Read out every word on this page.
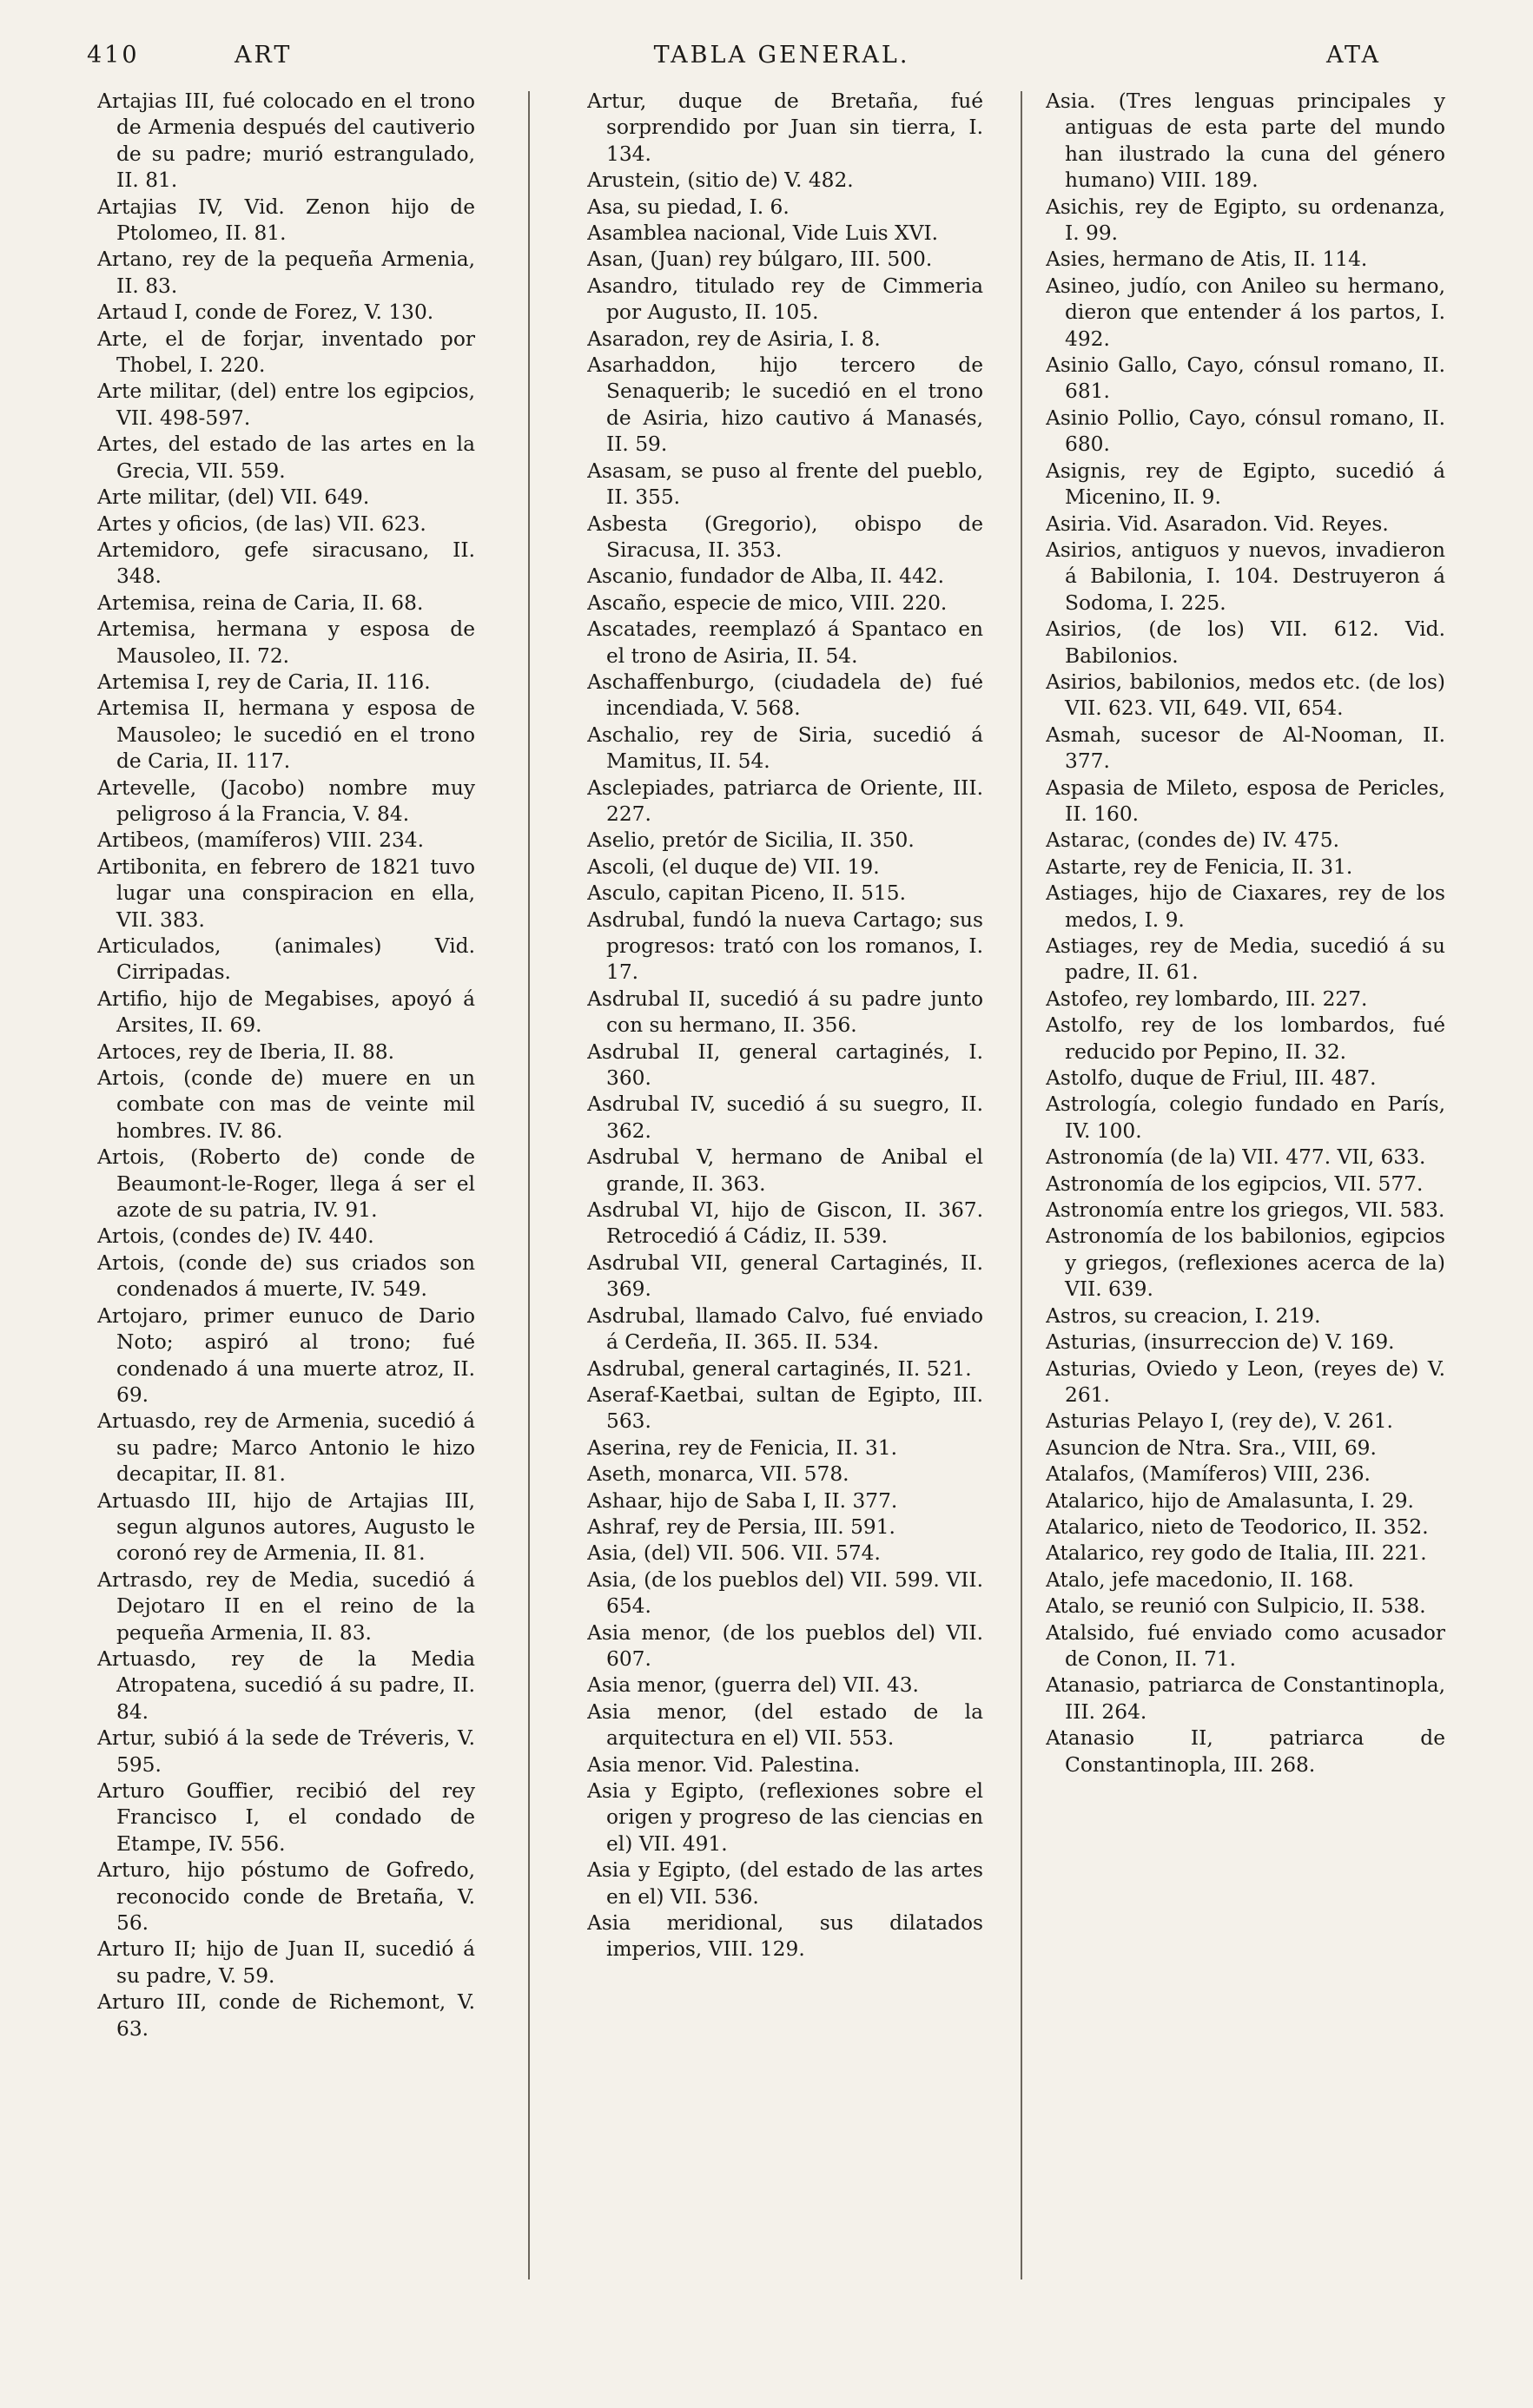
TABLA GENERAL.
410	ART	ATA

Artajias III, fué colocado en el trono de Armenia después del cautiverio de su padre; murió estrangulado, II. 81.

Artajias IV, Vid. Zenon hijo de Ptolomeo, II. 81.

Artano, rey de la pequeña Armenia, II. 83.

Artaud I, conde de Forez, V. 130.

Arte, el de forjar, inventado por Thobel, I. 220.

Arte militar, (del) entre los egipcios, VII. 498-597.

Artes, del estado de las artes en la Grecia, VII. 559.

Arte militar, (del) VII. 649.

Artes y oficios, (de las) VII. 623.

Artemidoro, gefe siracusano, II. 348.

Artemisa, reina de Caria, II. 68.

Artemisa, hermana y esposa de Mausoleo, II. 72.

Artemisa I, rey de Caria, II. 116.

Artemisa II, hermana y esposa de Mausoleo; le sucedió en el trono de Caria, II. 117.

Artevelle, (Jacobo) nombre muy peligroso á la Francia, V. 84.

Artibeos, (mamíferos) VIII. 234.

Artibonita, en febrero de 1821 tuvo lugar una conspiracion en ella, VII. 383.

Articulados, (animales) Vid. Cirripadas.

Artifio, hijo de Megabises, apoyó á Arsites, II. 69.

Artoces, rey de Iberia, II. 88.

Artois, (conde de) muere en un combate con mas de veinte mil hombres. IV. 86.

Artois, (Roberto de) conde de Beaumont-le-Roger, llega á ser el azote de su patria, IV. 91.

Artois, (condes de) IV. 440.

Artois, (conde de) sus criados son condenados á muerte, IV. 549.

Artojaro, primer eunuco de Dario Noto; aspiró al trono; fué condenado á una muerte atroz, II. 69.

Artuasdo, rey de Armenia, sucedió á su padre; Marco Antonio le hizo decapitar, II. 81.

Artuasdo III, hijo de Artajias III, segun algunos autores, Augusto le coronó rey de Armenia, II. 81.

Artrasdo, rey de Media, sucedió á Dejotaro II en el reino de la pequeña Armenia, II. 83.

Artuasdo, rey de la Media Atropatena, sucedió á su padre, II. 84.

Artur, subió á la sede de Tréveris, V. 595.

Arturo Gouffier, recibió del rey Francisco I, el condado de Etampe, IV. 556.

Arturo, hijo póstumo de Gofredo, reconocido conde de Bretaña, V. 56.

Arturo II; hijo de Juan II, sucedió á su padre, V. 59.

Arturo III, conde de Richemont, V. 63.

Artur, duque de Bretaña, fué sorprendido por Juan sin tierra, I. 134.

Arustein, (sitio de) V. 482.

Asa, su piedad, I. 6.

Asamblea nacional, Vide Luis XVI.

Asan, (Juan) rey búlgaro, III. 500.

Asandro, titulado rey de Cimmeria por Augusto, II. 105.

Asaradon, rey de Asiria, I. 8.

Asarhaddon, hijo tercero de Senaquerib; le sucedió en el trono de Asiria, hizo cautivo á Manasés, II. 59.

Asasam, se puso al frente del pueblo, II. 355.

Asbesta (Gregorio), obispo de Siracusa, II. 353.

Ascanio, fundador de Alba, II. 442.

Ascaño, especie de mico, VIII. 220.

Ascatades, reemplazó á Spantaco en el trono de Asiria, II. 54.

Aschaffenburgo, (ciudadela de) fué incendiada, V. 568.

Aschalio, rey de Siria, sucedió á Mamitus, II. 54.

Asclepiades, patriarca de Oriente, III. 227.

Aselio, pretór de Sicilia, II. 350.

Ascoli, (el duque de) VII. 19.

Asculo, capitan Piceno, II. 515.

Asdrubal, fundó la nueva Cartago; sus progresos: trató con los romanos, I. 17.

Asdrubal II, sucedió á su padre junto con su hermano, II. 356.

Asdrubal II, general cartaginés, I. 360.

Asdrubal IV, sucedió á su suegro, II. 362.

Asdrubal V, hermano de Anibal el grande, II. 363.

Asdrubal VI, hijo de Giscon, II. 367. Retrocedió á Cádiz, II. 539.

Asdrubal VII, general Cartaginés, II. 369.

Asdrubal, llamado Calvo, fué enviado á Cerdeña, II. 365. II. 534.

Asdrubal, general cartaginés, II. 521.

Aseraf-Kaetbai, sultan de Egipto, III. 563.

Aserina, rey de Fenicia, II. 31.

Aseth, monarca, VII. 578.

Ashaar, hijo de Saba I, II. 377.

Ashraf, rey de Persia, III. 591.

Asia, (del) VII. 506. VII. 574.

Asia, (de los pueblos del) VII. 599. VII. 654.

Asia menor, (de los pueblos del) VII. 607.

Asia menor, (guerra del) VII. 43.

Asia menor, (del estado de la arquitectura en el) VII. 553.

Asia menor. Vid. Palestina.

Asia y Egipto, (reflexiones sobre el origen y progreso de las ciencias en el) VII. 491.

Asia y Egipto, (del estado de las artes en el) VII. 536.

Asia meridional, sus dilatados imperios, VIII. 129.

Asia. (Tres lenguas principales y antiguas de esta parte del mundo han ilustrado la cuna del género humano) VIII. 189.

Asichis, rey de Egipto, su ordenanza, I. 99.

Asies, hermano de Atis, II. 114.

Asineo, judío, con Anileo su hermano, dieron que entender á los partos, I. 492.

Asinio Gallo, Cayo, cónsul romano, II. 681.

Asinio Pollio, Cayo, cónsul romano, II. 680.

Asignis, rey de Egipto, sucedió á Micenino, II. 9.

Asiria. Vid. Asaradon. Vid. Reyes.

Asirios, antiguos y nuevos, invadieron á Babilonia, I. 104. Destruyeron á Sodoma, I. 225.

Asirios, (de los) VII. 612. Vid. Babilonios.

Asirios, babilonios, medos etc. (de los) VII. 623. VII, 649. VII, 654.

Asmah, sucesor de Al-Nooman, II. 377.

Aspasia de Mileto, esposa de Pericles, II. 160.

Astarac, (condes de) IV. 475.

Astarte, rey de Fenicia, II. 31.

Astiages, hijo de Ciaxares, rey de los medos, I. 9.

Astiages, rey de Media, sucedió á su padre, II. 61.

Astofeo, rey lombardo, III. 227.

Astolfo, rey de los lombardos, fué reducido por Pepino, II. 32.

Astolfo, duque de Friul, III. 487.

Astrología, colegio fundado en París, IV. 100.

Astronomía (de la) VII. 477. VII, 633.

Astronomía de los egipcios, VII. 577.

Astronomía entre los griegos, VII. 583.

Astronomía de los babilonios, egipcios y griegos, (reflexiones acerca de la) VII. 639.

Astros, su creacion, I. 219.

Asturias, (insurreccion de) V. 169.

Asturias, Oviedo y Leon, (reyes de) V. 261.

Asturias Pelayo I, (rey de), V. 261.

Asuncion de Ntra. Sra., VIII, 69.

Atalafos, (Mamíferos) VIII, 236.

Atalarico, hijo de Amalasunta, I. 29.

Atalarico, nieto de Teodorico, II. 352.

Atalarico, rey godo de Italia, III. 221.

Atalo, jefe macedonio, II. 168.

Atalo, se reunió con Sulpicio, II. 538.

Atalsido, fué enviado como acusador de Conon, II. 71.

Atanasio, patriarca de Constantinopla, III. 264.

Atanasio II, patriarca de Constantinopla, III. 268.
